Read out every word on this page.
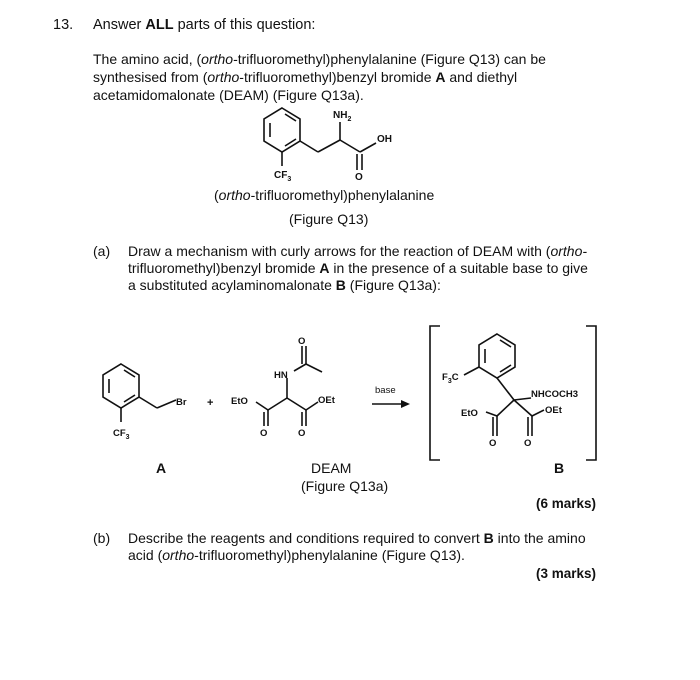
13. Answer ALL parts of this question:
The amino acid, (ortho-trifluoromethyl)phenylalanine (Figure Q13) can be
synthesised from (ortho-trifluoromethyl)benzyl bromide A and diethyl
acetamidomalonate (DEAM) (Figure Q13a).
$NH_2$
OH
$CF_3$	O
Br + EtO
HN
OEt
O
O	O
$CF_3$
base
$F_3C$
EtO
NHCOCH3
OEt
O	O
(ortho-trifluoromethyl)phenylalanine
(Figure Q13)
(a) Draw a mechanism with curly arrows for the reaction of DEAM with (ortho-
trifluoromethyl)benzyl bromide A in the presence of a suitable base to give
a substituted acylaminomalonate B (Figure Q13a):
A	DEAM
(Figure Q13a)
B
(6 marks)
(b) Describe the reagents and conditions required to convert B into the amino
acid (ortho-trifluoromethyl)phenylalanine (Figure Q13).
(3 marks)
